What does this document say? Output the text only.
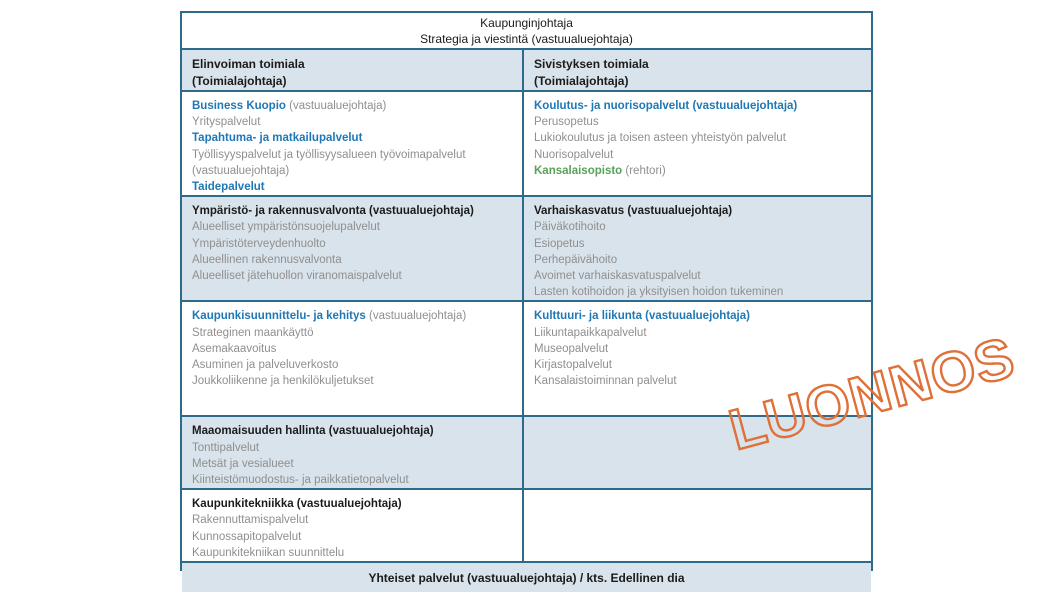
Kaupunginjohtaja
Strategia ja viestintä (vastuualuejohtaja)
Elinvoiman toimiala
(Toimialajohtaja)
Sivistyksen toimiala
(Toimialajohtaja)
Business Kuopio (vastuualuejohtaja)
Yrityspalvelut
Tapahtuma- ja matkailupalvelut
Työllisyyspalvelut ja työllisyysalueen työvoimapalvelut
(vastuualuejohtaja)
Taidepalvelut
Koulutus- ja nuorisopalvelut (vastuualuejohtaja)
Perusopetus
Lukiokoulutus ja toisen asteen yhteistyön palvelut
Nuorisopalvelut
Kansalaisopisto (rehtori)
Ympäristö- ja rakennusvalvonta (vastuualuejohtaja)
Alueelliset ympäristönsuojelupalvelut
Ympäristöterveydenhuolto
Alueellinen rakennusvalvonta
Alueelliset jätehuollon viranomaispalvelut
Varhaiskasvatus (vastuualuejohtaja)
Päiväkotihoito
Esiopetus
Perhepäivähoito
Avoimet varhaiskasvatuspalvelut
Lasten kotihoidon ja yksityisen hoidon tukeminen
Kaupunkisuunnittelu- ja kehitys (vastuualuejohtaja)
Strateginen maankäyttö
Asemakaavoitus
Asuminen ja palveluverkosto
Joukkoliikenne ja henkilökuljetukset
Kulttuuri- ja liikunta (vastuualuejohtaja)
Liikuntapaikkapalvelut
Museopalvelut
Kirjastopalvelut
Kansalaistoiminnan palvelut
Maaomaisuuden hallinta (vastuualuejohtaja)
Tonttipalvelut
Metsät ja vesialueet
Kiinteistömuodostus- ja paikkatietopalvelut
Kaupunkitekniikka (vastuualuejohtaja)
Rakennuttamispalvelut
Kunnossapitopalvelut
Kaupunkitekniikan suunnittelu
Yhteiset palvelut (vastuualuejohtaja) / kts. Edellinen dia
